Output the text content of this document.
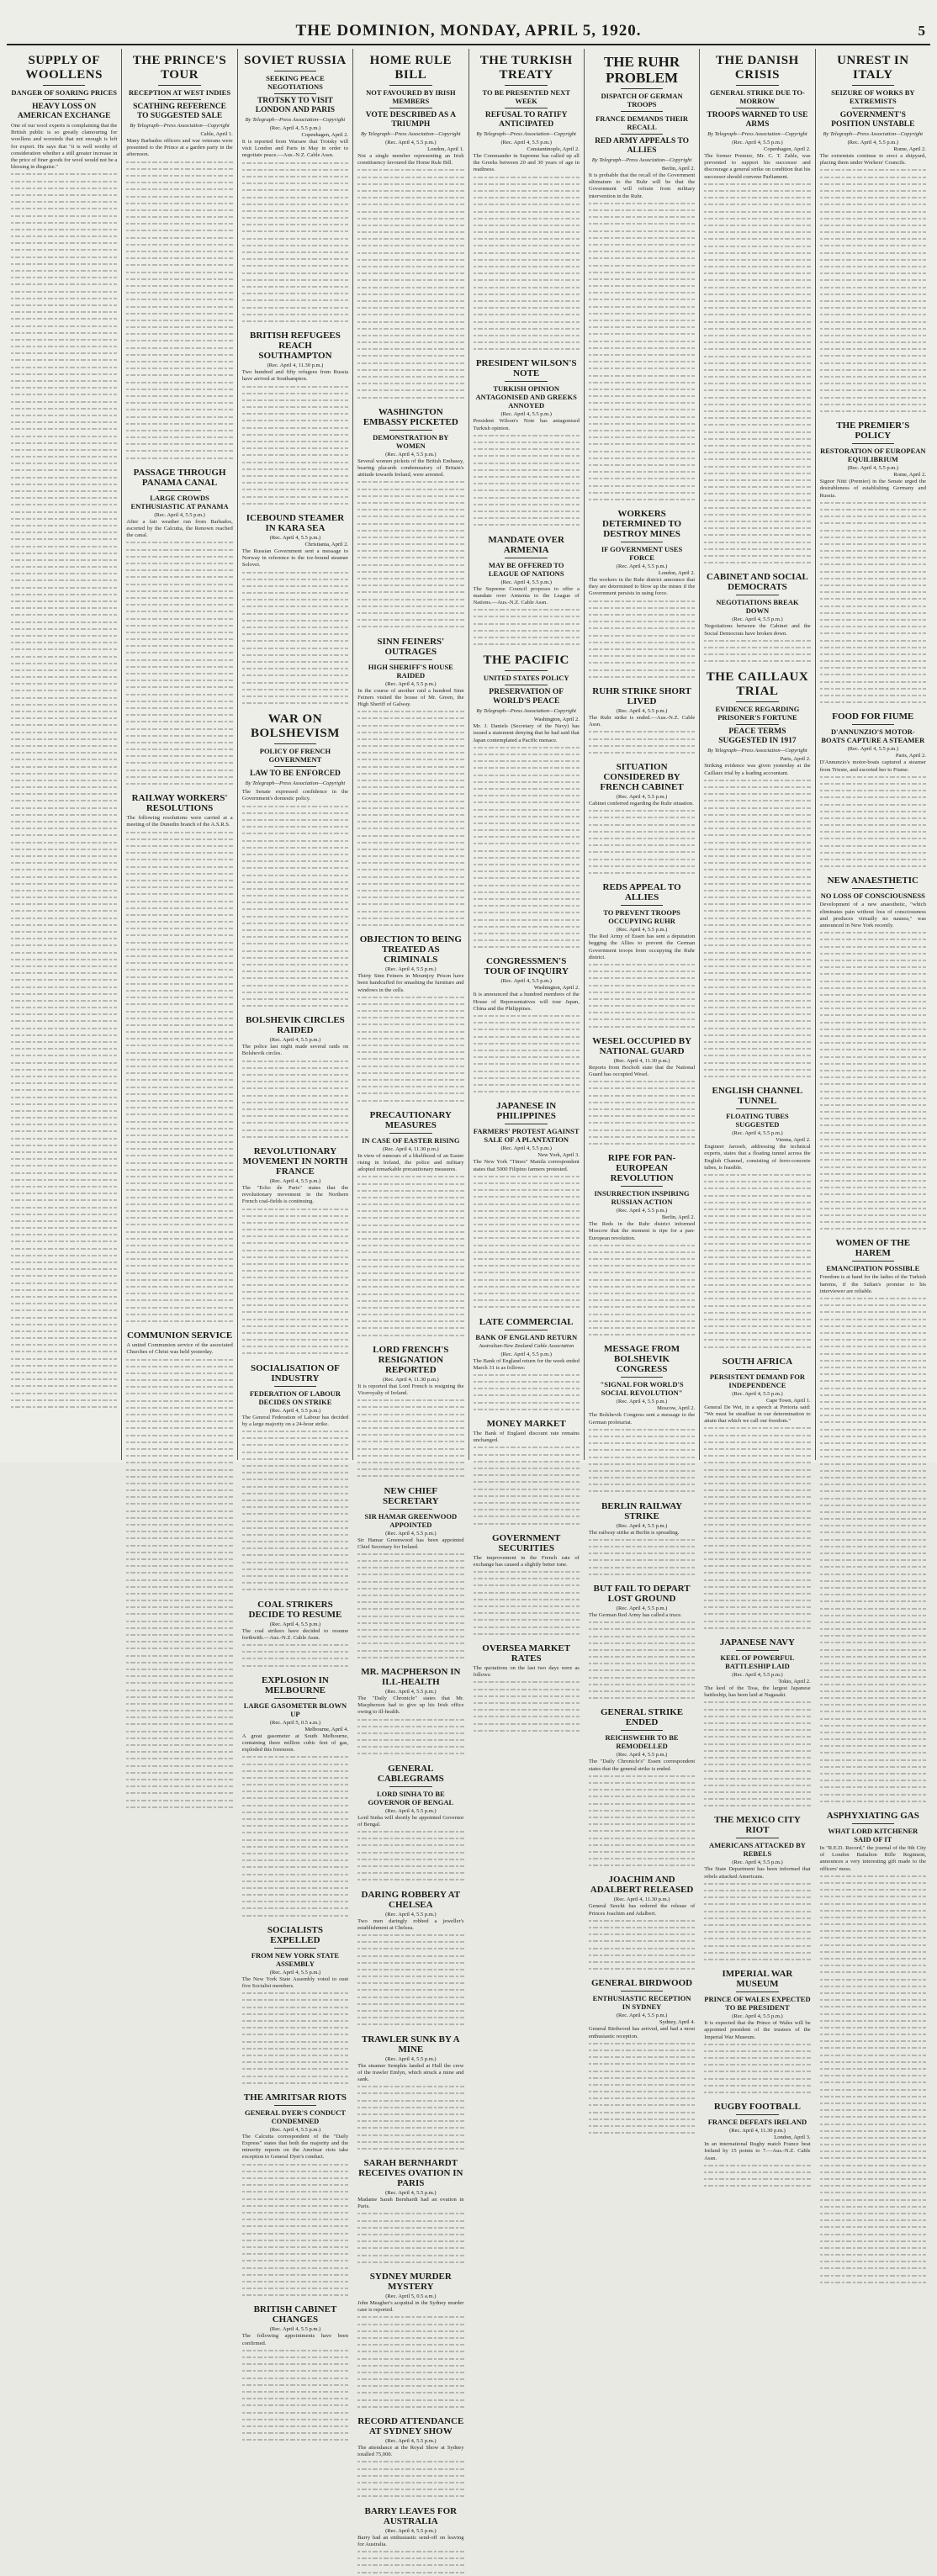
THE DOMINION, MONDAY, APRIL 5, 1920.	5
SUPPLY OF WOOLLENS
DANGER OF SOARING PRICES
HEAVY LOSS ON AMERICAN EXCHANGE
One of our wool experts is complaining that the British public is so greatly clamouring for woollens and worsteds that not enough is left for export. He says that "it is well worthy of consideration whether a still greater increase in the price of finer goods for wool would not be a blessing in disguise."
THE PRINCE'S TOUR
RECEPTION AT WEST INDIES
SCATHING REFERENCE TO SUGGESTED SALE
By Telegraph—Press Association—Copyright
Cable, April 1.
Many Barbados officers and war veterans were presented to the Prince at a garden party in the afternoon.
PASSAGE THROUGH PANAMA CANAL
LARGE CROWDS ENTHUSIASTIC AT PANAMA
(Rec. April 4, 5.5 p.m.)
After a fair weather run from Barbados, escorted by the Calcutta, the Renown reached the canal.
RAILWAY WORKERS' RESOLUTIONS
The following resolutions were carried at a meeting of the Dunedin branch of the A.S.R.S.
COMMUNION SERVICE
A united Communion service of the associated Churches of Christ was held yesterday.
SOVIET RUSSIA
SEEKING PEACE NEGOTIATIONS
TROTSKY TO VISIT LONDON AND PARIS
By Telegraph—Press Association—Copyright
(Rec. April 4, 5.5 p.m.)
Copenhagen, April 2.
It is reported from Warsaw that Trotsky will visit London and Paris in May in order to negotiate peace.—Aus.-N.Z. Cable Assn.
BRITISH REFUGEES REACH SOUTHAMPTON
(Rec. April 4, 11.30 p.m.)
Two hundred and fifty refugees from Russia have arrived at Southampton.
ICEBOUND STEAMER IN KARA SEA
(Rec. April 4, 5.5 p.m.)
Christiania, April 2.
The Russian Government sent a message to Norway in reference to the ice-bound steamer Solovei.
WAR ON BOLSHEVISM
POLICY OF FRENCH GOVERNMENT
LAW TO BE ENFORCED
By Telegraph—Press Association—Copyright
The Senate expressed confidence in the Government's domestic policy.
BOLSHEVIK CIRCLES RAIDED
(Rec. April 4, 5.5 p.m.)
The police last night made several raids on Bolshevik circles.
REVOLUTIONARY MOVEMENT IN NORTH FRANCE
(Rec. April 4, 5.5 p.m.)
The "Echo de Paris" states that the revolutionary movement in the Northern French coal-fields is continuing.
SOCIALISATION OF INDUSTRY
FEDERATION OF LABOUR DECIDES ON STRIKE
(Rec. April 4, 5.5 p.m.)
The General Federation of Labour has decided by a large majority on a 24-hour strike.
COAL STRIKERS DECIDE TO RESUME
(Rec. April 4, 5.5 p.m.)
The coal strikers have decided to resume forthwith.—Aus.-N.Z. Cable Assn.
EXPLOSION IN MELBOURNE
LARGE GASOMETER BLOWN UP
(Rec. April 5, 0.5 a.m.)
Melbourne, April 4.
A great gasometer at South Melbourne, containing three million cubic feet of gas, exploded this forenoon.
SOCIALISTS EXPELLED
FROM NEW YORK STATE ASSEMBLY
(Rec. April 4, 5.5 p.m.)
The New York State Assembly voted to oust five Socialist members.
THE AMRITSAR RIOTS
GENERAL DYER'S CONDUCT CONDEMNED
(Rec. April 4, 5.5 p.m.)
The Calcutta correspondent of the "Daily Express" states that both the majority and the minority reports on the Amritsar riots take exception to General Dyer's conduct.
BRITISH CABINET CHANGES
(Rec. April 4, 5.5 p.m.)
The following appointments have been confirmed.
HOME RULE BILL
NOT FAVOURED BY IRISH MEMBERS
VOTE DESCRIBED AS A TRIUMPH
By Telegraph—Press Association—Copyright
(Rec. April 4, 5.5 p.m.)
London, April 1.
Not a single member representing an Irish constituency favoured the Home Rule Bill.
WASHINGTON EMBASSY PICKETED
DEMONSTRATION BY WOMEN
(Rec. April 4, 5.5 p.m.)
Several women pickets of the British Embassy, bearing placards condemnatory of Britain's attitude towards Ireland, were arrested.
SINN FEINERS' OUTRAGES
HIGH SHERIFF'S HOUSE RAIDED
(Rec. April 4, 5.5 p.m.)
In the course of another raid a hundred Sinn Feiners visited the house of Mr. Green, the High Sheriff of Galway.
OBJECTION TO BEING TREATED AS CRIMINALS
(Rec. April 4, 5.5 p.m.)
Thirty Sinn Feiners in Mountjoy Prison have been handcuffed for smashing the furniture and windows in the cells.
PRECAUTIONARY MEASURES
IN CASE OF EASTER RISING
(Rec. April 4, 11.30 p.m.)
In view of rumours of a likelihood of an Easter rising in Ireland, the police and military adopted remarkable precautionary measures.
LORD FRENCH'S RESIGNATION REPORTED
(Rec. April 4, 11.30 p.m.)
It is reported that Lord French is resigning the Viceroyalty of Ireland.
NEW CHIEF SECRETARY
SIR HAMAR GREENWOOD APPOINTED
(Rec. April 4, 5.5 p.m.)
Sir Hamar Greenwood has been appointed Chief Secretary for Ireland.
MR. MACPHERSON IN ILL-HEALTH
(Rec. April 4, 5.5 p.m.)
The "Daily Chronicle" states that Mr. Macpherson had to give up his Irish office owing to ill-health.
GENERAL CABLEGRAMS
LORD SINHA TO BE GOVERNOR OF BENGAL
(Rec. April 4, 5.5 p.m.)
Lord Sinha will shortly be appointed Governor of Bengal.
DARING ROBBERY AT CHELSEA
(Rec. April 4, 5.5 p.m.)
Two men daringly robbed a jeweller's establishment at Chelsea.
TRAWLER SUNK BY A MINE
(Rec. April 4, 5.5 p.m.)
The steamer Semphis landed at Hull the crew of the trawler Emlyn, which struck a mine and sank.
SARAH BERNHARDT RECEIVES OVATION IN PARIS
(Rec. April 4, 5.5 p.m.)
Madame Sarah Bernhardt had an ovation in Paris.
SYDNEY MURDER MYSTERY
(Rec. April 5, 0.5 a.m.)
John Meagher's acquittal in the Sydney murder case is reported.
RECORD ATTENDANCE AT SYDNEY SHOW
(Rec. April 4, 5.5 p.m.)
The attendance at the Royal Show at Sydney totalled 75,000.
BARRY LEAVES FOR AUSTRALIA
(Rec. April 4, 5.5 p.m.)
Barry had an enthusiastic send-off on leaving for Australia.
THE TURKISH TREATY
TO BE PRESENTED NEXT WEEK
REFUSAL TO RATIFY ANTICIPATED
By Telegraph—Press Association—Copyright
(Rec. April 4, 5.5 p.m.)
Constantinople, April 2.
The Commander in Supreme has called up all the Greeks between 20 and 30 years of age in readiness.
PRESIDENT WILSON'S NOTE
TURKISH OPINION ANTAGONISED AND GREEKS ANNOYED
(Rec. April 4, 5.5 p.m.)
President Wilson's Note has antagonised Turkish opinion.
MANDATE OVER ARMENIA
MAY BE OFFERED TO LEAGUE OF NATIONS
(Rec. April 4, 5.5 p.m.)
The Supreme Council proposes to offer a mandate over Armenia to the League of Nations.—Aus.-N.Z. Cable Assn.
THE PACIFIC
UNITED STATES POLICY
PRESERVATION OF WORLD'S PEACE
By Telegraph—Press Association—Copyright
Washington, April 2.
Mr. J. Daniels (Secretary of the Navy) has issued a statement denying that he had said that Japan contemplated a Pacific menace.
CONGRESSMEN'S TOUR OF INQUIRY
(Rec. April 4, 5.5 p.m.)
Washington, April 2.
It is announced that a hundred members of the House of Representatives will tour Japan, China and the Philippines.
JAPANESE IN PHILIPPINES
FARMERS' PROTEST AGAINST SALE OF A PLANTATION
(Rec. April 4, 5.5 p.m.)
New York, April 3.
The New York "Times" Manila correspondent states that 5000 Filipino farmers protested.
LATE COMMERCIAL
BANK OF ENGLAND RETURN
Australian-New Zealand Cable Association
(Rec. April 4, 5.5 p.m.)
The Bank of England return for the week ended March 31 is as follows:
MONEY MARKET
The Bank of England discount rate remains unchanged.
GOVERNMENT SECURITIES
The improvement in the French rate of exchange has caused a slightly better tone.
OVERSEA MARKET RATES
The quotations on the last two days were as follows:
THE RUHR PROBLEM
DISPATCH OF GERMAN TROOPS
FRANCE DEMANDS THEIR RECALL
RED ARMY APPEALS TO ALLIES
By Telegraph—Press Association—Copyright
Berlin, April 2.
It is probable that the recall of the Government ultimatum to the Ruhr will be that the Government will refrain from military intervention in the Ruhr.
WORKERS DETERMINED TO DESTROY MINES
IF GOVERNMENT USES FORCE
(Rec. April 4, 5.5 p.m.)
London, April 2.
The workers in the Ruhr district announce that they are determined to blow up the mines if the Government persists in using force.
RUHR STRIKE SHORT LIVED
(Rec. April 4, 5.5 p.m.)
The Ruhr strike is ended.—Aus.-N.Z. Cable Assn.
SITUATION CONSIDERED BY FRENCH CABINET
(Rec. April 4, 5.5 p.m.)
Cabinet conferred regarding the Ruhr situation.
REDS APPEAL TO ALLIES
TO PREVENT TROOPS OCCUPYING RUHR
(Rec. April 4, 5.5 p.m.)
The Red Army of Essen has sent a deputation begging the Allies to prevent the German Government troops from occupying the Ruhr district.
WESEL OCCUPIED BY NATIONAL GUARD
(Rec. April 4, 11.30 p.m.)
Reports from Bocholt state that the National Guard has occupied Wesel.
RIPE FOR PAN-EUROPEAN REVOLUTION
INSURRECTION INSPIRING RUSSIAN ACTION
(Rec. April 4, 5.5 p.m.)
Berlin, April 2.
The Reds in the Ruhr district informed Moscow that the moment is ripe for a pan-European revolution.
MESSAGE FROM BOLSHEVIK CONGRESS
"SIGNAL FOR WORLD'S SOCIAL REVOLUTION"
(Rec. April 4, 5.5 p.m.)
Moscow, April 2.
The Bolshevik Congress sent a message to the German proletariat.
BERLIN RAILWAY STRIKE
(Rec. April 4, 5.5 p.m.)
The railway strike at Berlin is spreading.
BUT FAIL TO DEPART LOST GROUND
(Rec. April 4, 5.5 p.m.)
The German Red Army has called a truce.
GENERAL STRIKE ENDED
REICHSWEHR TO BE REMODELLED
(Rec. April 4, 5.5 p.m.)
The "Daily Chronicle's" Essen correspondent states that the general strike is ended.
JOACHIM AND ADALBERT RELEASED
(Rec. April 4, 11.30 p.m.)
General Seeckt has ordered the release of Princes Joachim and Adalbert.
GENERAL BIRDWOOD
ENTHUSIASTIC RECEPTION IN SYDNEY
(Rec. April 4, 5.5 p.m.)
Sydney, April 4.
General Birdwood has arrived, and had a most enthusiastic reception.
THE DANISH CRISIS
GENERAL STRIKE DUE TO-MORROW
TROOPS WARNED TO USE ARMS
By Telegraph—Press Association—Copyright
(Rec. April 4, 5.5 p.m.)
Copenhagen, April 2.
The former Premier, Mr. C. T. Zahle, was prevented to support his successor and discourage a general strike on condition that his successor should convene Parliament.
CABINET AND SOCIAL DEMOCRATS
NEGOTIATIONS BREAK DOWN
(Rec. April 4, 5.5 p.m.)
Negotiations between the Cabinet and the Social Democrats have broken down.
THE CAILLAUX TRIAL
EVIDENCE REGARDING PRISONER'S FORTUNE
PEACE TERMS SUGGESTED IN 1917
By Telegraph—Press Association—Copyright
Paris, April 2.
Striking evidence was given yesterday at the Caillaux trial by a leading accountant.
ENGLISH CHANNEL TUNNEL
FLOATING TUBES SUGGESTED
(Rec. April 4, 5.5 p.m.)
Vienna, April 2.
Engineer Jaroseh, addressing the technical experts, states that a floating tunnel across the English Channel, consisting of ferro-concrete tubes, is feasible.
SOUTH AFRICA
PERSISTENT DEMAND FOR INDEPENDENCE
(Rec. April 4, 5.5 p.m.)
Cape Town, April 1.
General De Wet, in a speech at Pretoria said: "We must be steadfast in our determination to attain that which we call our freedom."
JAPANESE NAVY
KEEL OF POWERFUL BATTLESHIP LAID
(Rec. April 4, 5.5 p.m.)
Tokio, April 2.
The keel of the Tosa, the largest Japanese battleship, has been laid at Nagasaki.
THE MEXICO CITY RIOT
AMERICANS ATTACKED BY REBELS
(Rec. April 4, 5.5 p.m.)
The State Department has been informed that rebels attacked Americans.
IMPERIAL WAR MUSEUM
PRINCE OF WALES EXPECTED TO BE PRESIDENT
(Rec. April 4, 5.5 p.m.)
It is expected that the Prince of Wales will be appointed president of the trustees of the Imperial War Museum.
RUGBY FOOTBALL
FRANCE DEFEATS IRELAND
(Rec. April 4, 11.30 p.m.)
London, April 3.
In an international Rugby match France beat Ireland by 15 points to 7.—Aus.-N.Z. Cable Assn.
UNREST IN ITALY
SEIZURE OF WORKS BY EXTREMISTS
GOVERNMENT'S POSITION UNSTABLE
By Telegraph—Press Association—Copyright
(Rec. April 4, 5.5 p.m.)
Rome, April 2.
The extremists continue to erect a shipyard, placing them under Workers' Councils.
THE PREMIER'S POLICY
RESTORATION OF EUROPEAN EQUILIBRIUM
(Rec. April 4, 5.5 p.m.)
Rome, April 2.
Signor Nitti (Premier) in the Senate urged the desirableness of establishing Germany and Russia.
FOOD FOR FIUME
D'ANNUNZIO'S MOTOR-BOATS CAPTURE A STEAMER
(Rec. April 4, 5.5 p.m.)
Paris, April 2.
D'Annunzio's motor-boats captured a steamer from Trieste, and escorted her to Fiume.
NEW ANAESTHETIC
NO LOSS OF CONSCIOUSNESS
Development of a new anaesthetic, "which eliminates pain without loss of consciousness and produces virtually no nausea," was announced in New York recently.
WOMEN OF THE HAREM
EMANCIPATION POSSIBLE
Freedom is at hand for the ladies of the Turkish harems, if the Sultan's promise to his interviewer are reliable.
ASPHYXIATING GAS
WHAT LORD KITCHENER SAID OF IT
In "R.E.D. Record," the journal of the 9th City of London Battalion Rifle Regiment, announces a very interesting gift made to the officers' mess.
